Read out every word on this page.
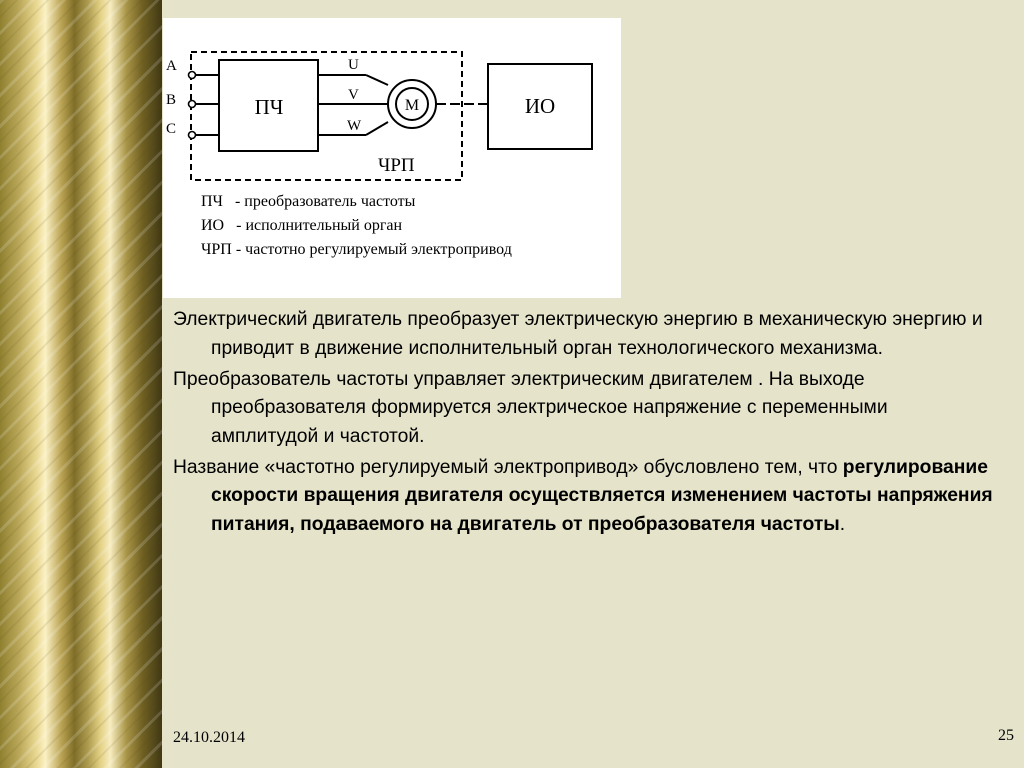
A
B
C
ПЧ
U
V
W
М	ИО
ЧРП
ПЧ   - преобразователь частоты
ИО   - исполнительный орган
ЧРП - частотно регулируемый электропривод

Электрический двигатель преобразует электрическую энергию в механическую энергию и приводит в движение исполнительный орган технологического механизма.

Преобразователь частоты управляет электрическим двигателем . На выходе преобразователя формируется электрическое напряжение с переменными амплитудой и частотой.

Название «частотно регулируемый электропривод» обусловлено тем, что регулирование скорости вращения двигателя осуществляется изменением частоты напряжения питания, подаваемого на двигатель от преобразователя частоты.

24.10.2014	25
